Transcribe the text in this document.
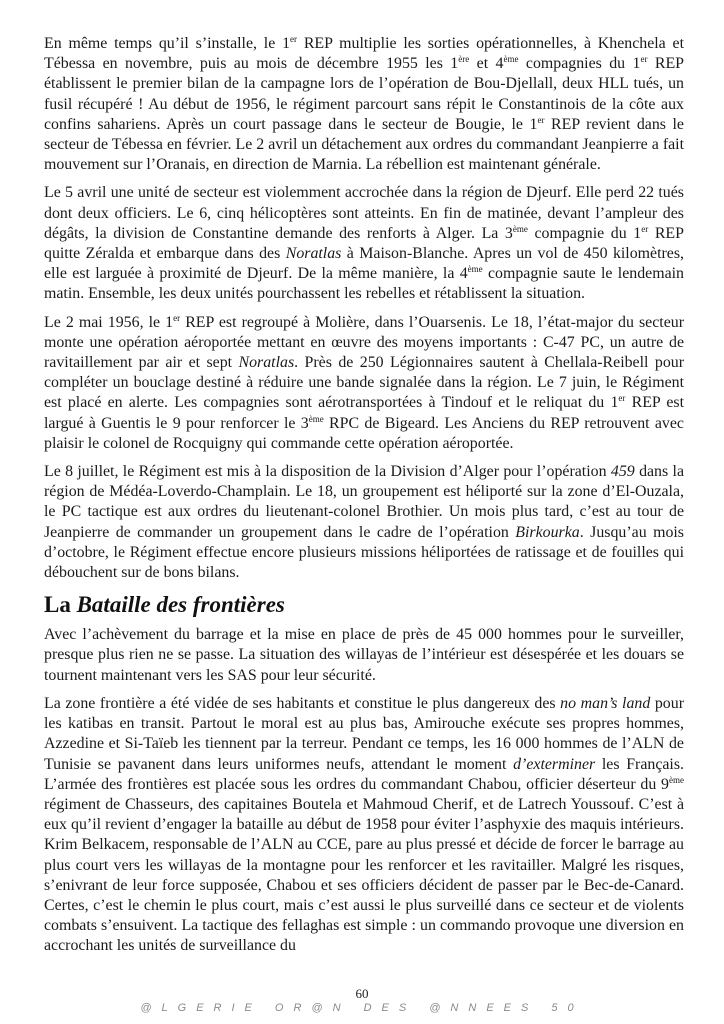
En même temps qu’il s’installe, le 1er REP multiplie les sorties opérationnelles, à Khenchela et Tébessa en novembre, puis au mois de décembre 1955 les 1ère et 4ème compagnies du 1er REP établissent le premier bilan de la campagne lors de l’opération de Bou-Djellall, deux HLL tués, un fusil récupéré ! Au début de 1956, le régiment parcourt sans répit le Constantinois de la côte aux confins sahariens. Après un court passage dans le secteur de Bougie, le 1er REP revient dans le secteur de Tébessa en février. Le 2 avril un détachement aux ordres du commandant Jeanpierre a fait mouvement sur l’Oranais, en direction de Marnia. La rébellion est maintenant générale.

Le 5 avril une unité de secteur est violemment accrochée dans la région de Djeurf. Elle perd 22 tués dont deux officiers. Le 6, cinq hélicoptères sont atteints. En fin de matinée, devant l’ampleur des dégâts, la division de Constantine demande des renforts à Alger. La 3ème compagnie du 1er REP quitte Zéralda et embarque dans des Noratlas à Maison-Blanche. Apres un vol de 450 kilomètres, elle est larguée à proximité de Djeurf. De la même manière, la 4ème compagnie saute le lendemain matin. Ensemble, les deux unités pourchassent les rebelles et rétablissent la situation.

Le 2 mai 1956, le 1er REP est regroupé à Molière, dans l’Ouarsenis. Le 18, l’état-major du secteur monte une opération aéroportée mettant en œuvre des moyens importants : C-47 PC, un autre de ravitaillement par air et sept Noratlas. Près de 250 Légionnaires sautent à Chellala-Reibell pour compléter un bouclage destiné à réduire une bande signalée dans la région. Le 7 juin, le Régiment est placé en alerte. Les compagnies sont aérotransportées à Tindouf et le reliquat du 1er REP est largué à Guentis le 9 pour renforcer le 3ème RPC de Bigeard. Les Anciens du REP retrouvent avec plaisir le colonel de Rocquigny qui commande cette opération aéroportée.

Le 8 juillet, le Régiment est mis à la disposition de la Division d’Alger pour l’opération 459 dans la région de Médéa-Loverdo-Champlain. Le 18, un groupement est héliporté sur la zone d’El-Ouzala, le PC tactique est aux ordres du lieutenant-colonel Brothier. Un mois plus tard, c’est au tour de Jeanpierre de commander un groupement dans le cadre de l’opération Birkourka. Jusqu’au mois d’octobre, le Régiment effectue encore plusieurs missions héliportées de ratissage et de fouilles qui débouchent sur de bons bilans.

La Bataille des frontières

Avec l’achèvement du barrage et la mise en place de près de 45 000 hommes pour le surveiller, presque plus rien ne se passe. La situation des willayas de l’intérieur est désespérée et les douars se tournent maintenant vers les SAS pour leur sécurité.

La zone frontière a été vidée de ses habitants et constitue le plus dangereux des no man’s land pour les katibas en transit. Partout le moral est au plus bas, Amirouche exécute ses propres hommes, Azzedine et Si-Taïeb les tiennent par la terreur. Pendant ce temps, les 16 000 hommes de l’ALN de Tunisie se pavanent dans leurs uniformes neufs, attendant le moment d’exterminer les Français. L’armée des frontières est placée sous les ordres du commandant Chabou, officier déserteur du 9ème régiment de Chasseurs, des capitaines Boutela et Mahmoud Cherif, et de Latrech Youssouf. C’est à eux qu’il revient d’engager la bataille au début de 1958 pour éviter l’asphyxie des maquis intérieurs. Krim Belkacem, responsable de l’ALN au CCE, pare au plus pressé et décide de forcer le barrage au plus court vers les willayas de la montagne pour les renforcer et les ravitailler. Malgré les risques, s’enivrant de leur force supposée, Chabou et ses officiers décident de passer par le Bec-de-Canard. Certes, c’est le chemin le plus court, mais c’est aussi le plus surveillé dans ce secteur et de violents combats s’ensuivent. La tactique des fellaghas est simple : un commando provoque une diversion en accrochant les unités de surveillance du

60
@LGERIE OR@N DES @NNEES 50
